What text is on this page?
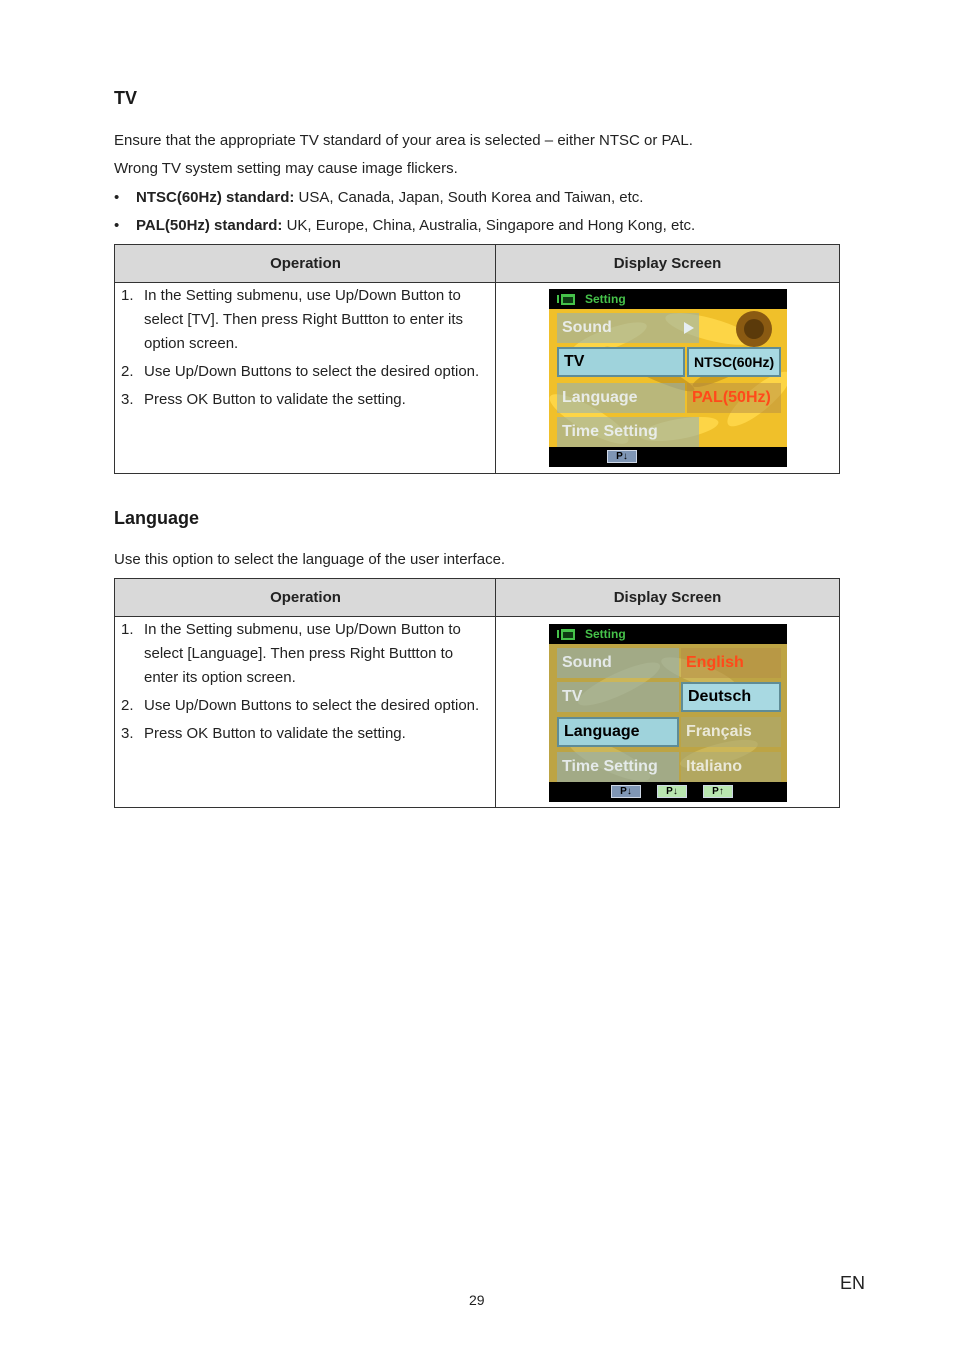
TV
Ensure that the appropriate TV standard of your area is selected – either NTSC or PAL.
Wrong TV system setting may cause image flickers.
• NTSC(60Hz) standard: USA, Canada, Japan, South Korea and Taiwan, etc.
• PAL(50Hz) standard: UK, Europe, China, Australia, Singapore and Hong Kong, etc.
Operation	Display Screen
1. In the Setting submenu, use Up/Down Button to select [TV]. Then press Right Buttton to enter its option screen.
2. Use Up/Down Buttons to select the desired option.
3. Press OK Button to validate the setting.
Setting
Sound
TV	NTSC(60Hz)
Language	PAL(50Hz)
Time Setting
P↓
Language
Use this option to select the language of the user interface.
Operation	Display Screen
1. In the Setting submenu, use Up/Down Button to select [Language]. Then press Right Buttton to enter its option screen.
2. Use Up/Down Buttons to select the desired option.
3. Press OK Button to validate the setting.
Setting
Sound	English
TV	Deutsch
Language	Français
Time Setting Italiano
P↓	P↓	P↑
EN
29
